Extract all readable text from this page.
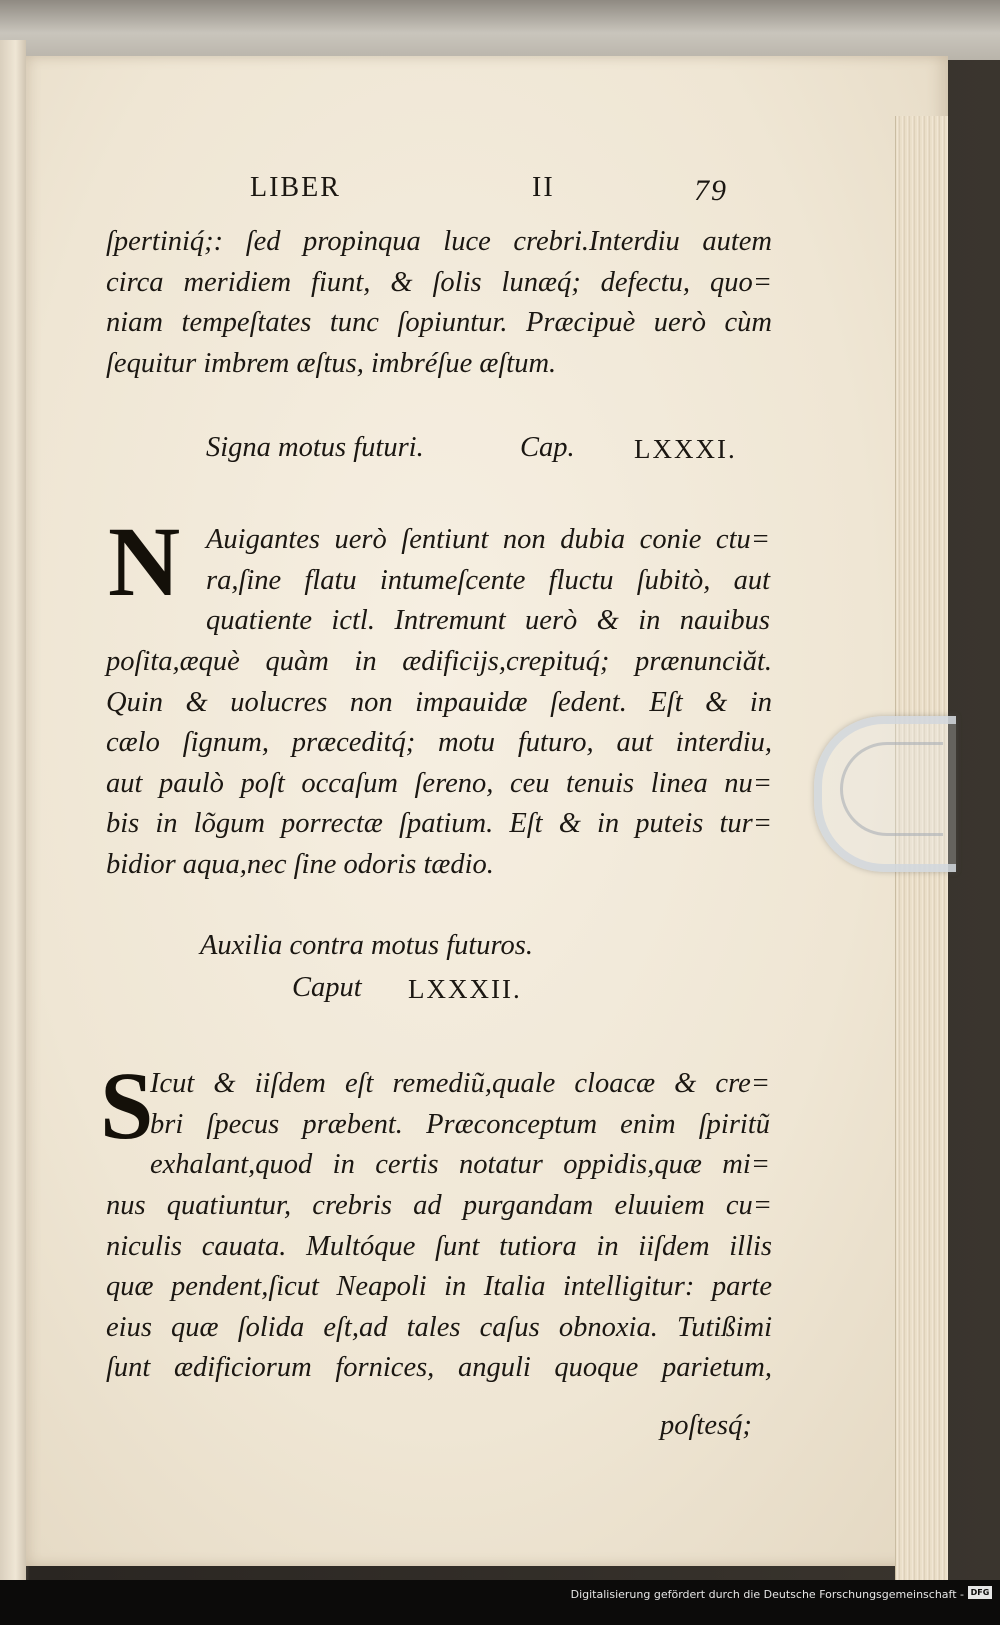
LIBER	II	79
ſpertiniq́;: ſed propinqua luce crebri.Interdiu autem
circa meridiem fiunt, & ſolis lunæq́; defectu, quo=
niam tempeſtates tunc ſopiuntur. Præcipuè uerò cùm
ſequitur imbrem æſtus, imbréſue æſtum.
Signa motus futuri.	Cap. LXXXI.
N Auigantes uerò ſentiunt non dubia conie ctu=
ra,ſine flatu intumeſcente fluctu ſubitò, aut
quatiente ictl. Intremunt uerò & in nauibus
poſita,æquè quàm in ædificijs,crepituq́; prænunciăt.
Quin & uolucres non impauidæ ſedent. Eſt & in
cælo ſignum, præceditq́; motu futuro, aut interdiu,
aut paulò poſt occaſum ſereno, ceu tenuis linea nu=
bis in lõgum porrectæ ſpatium. Eſt & in puteis tur=
bidior aqua,nec ſine odoris tædio.
Auxilia contra motus futuros.
Caput LXXXII.
S
Icut & iiſdem eſt remediũ,quale cloacæ & cre=
bri ſpecus præbent. Præconceptum enim ſpiritũ
exhalant,quod in certis notatur oppidis,quæ mi=
nus quatiuntur, crebris ad purgandam eluuiem cu=
niculis cauata. Multóque ſunt tutiora in iiſdem illis
quæ pendent,ſicut Neapoli in Italia intelligitur: parte
eius quæ ſolida eſt,ad tales caſus obnoxia. Tutißimi
ſunt ædificiorum fornices, anguli quoque parietum,
poſtesq́;
Digitalisierung gefördert durch die Deutsche Forschungsgemeinschaft - DFG
